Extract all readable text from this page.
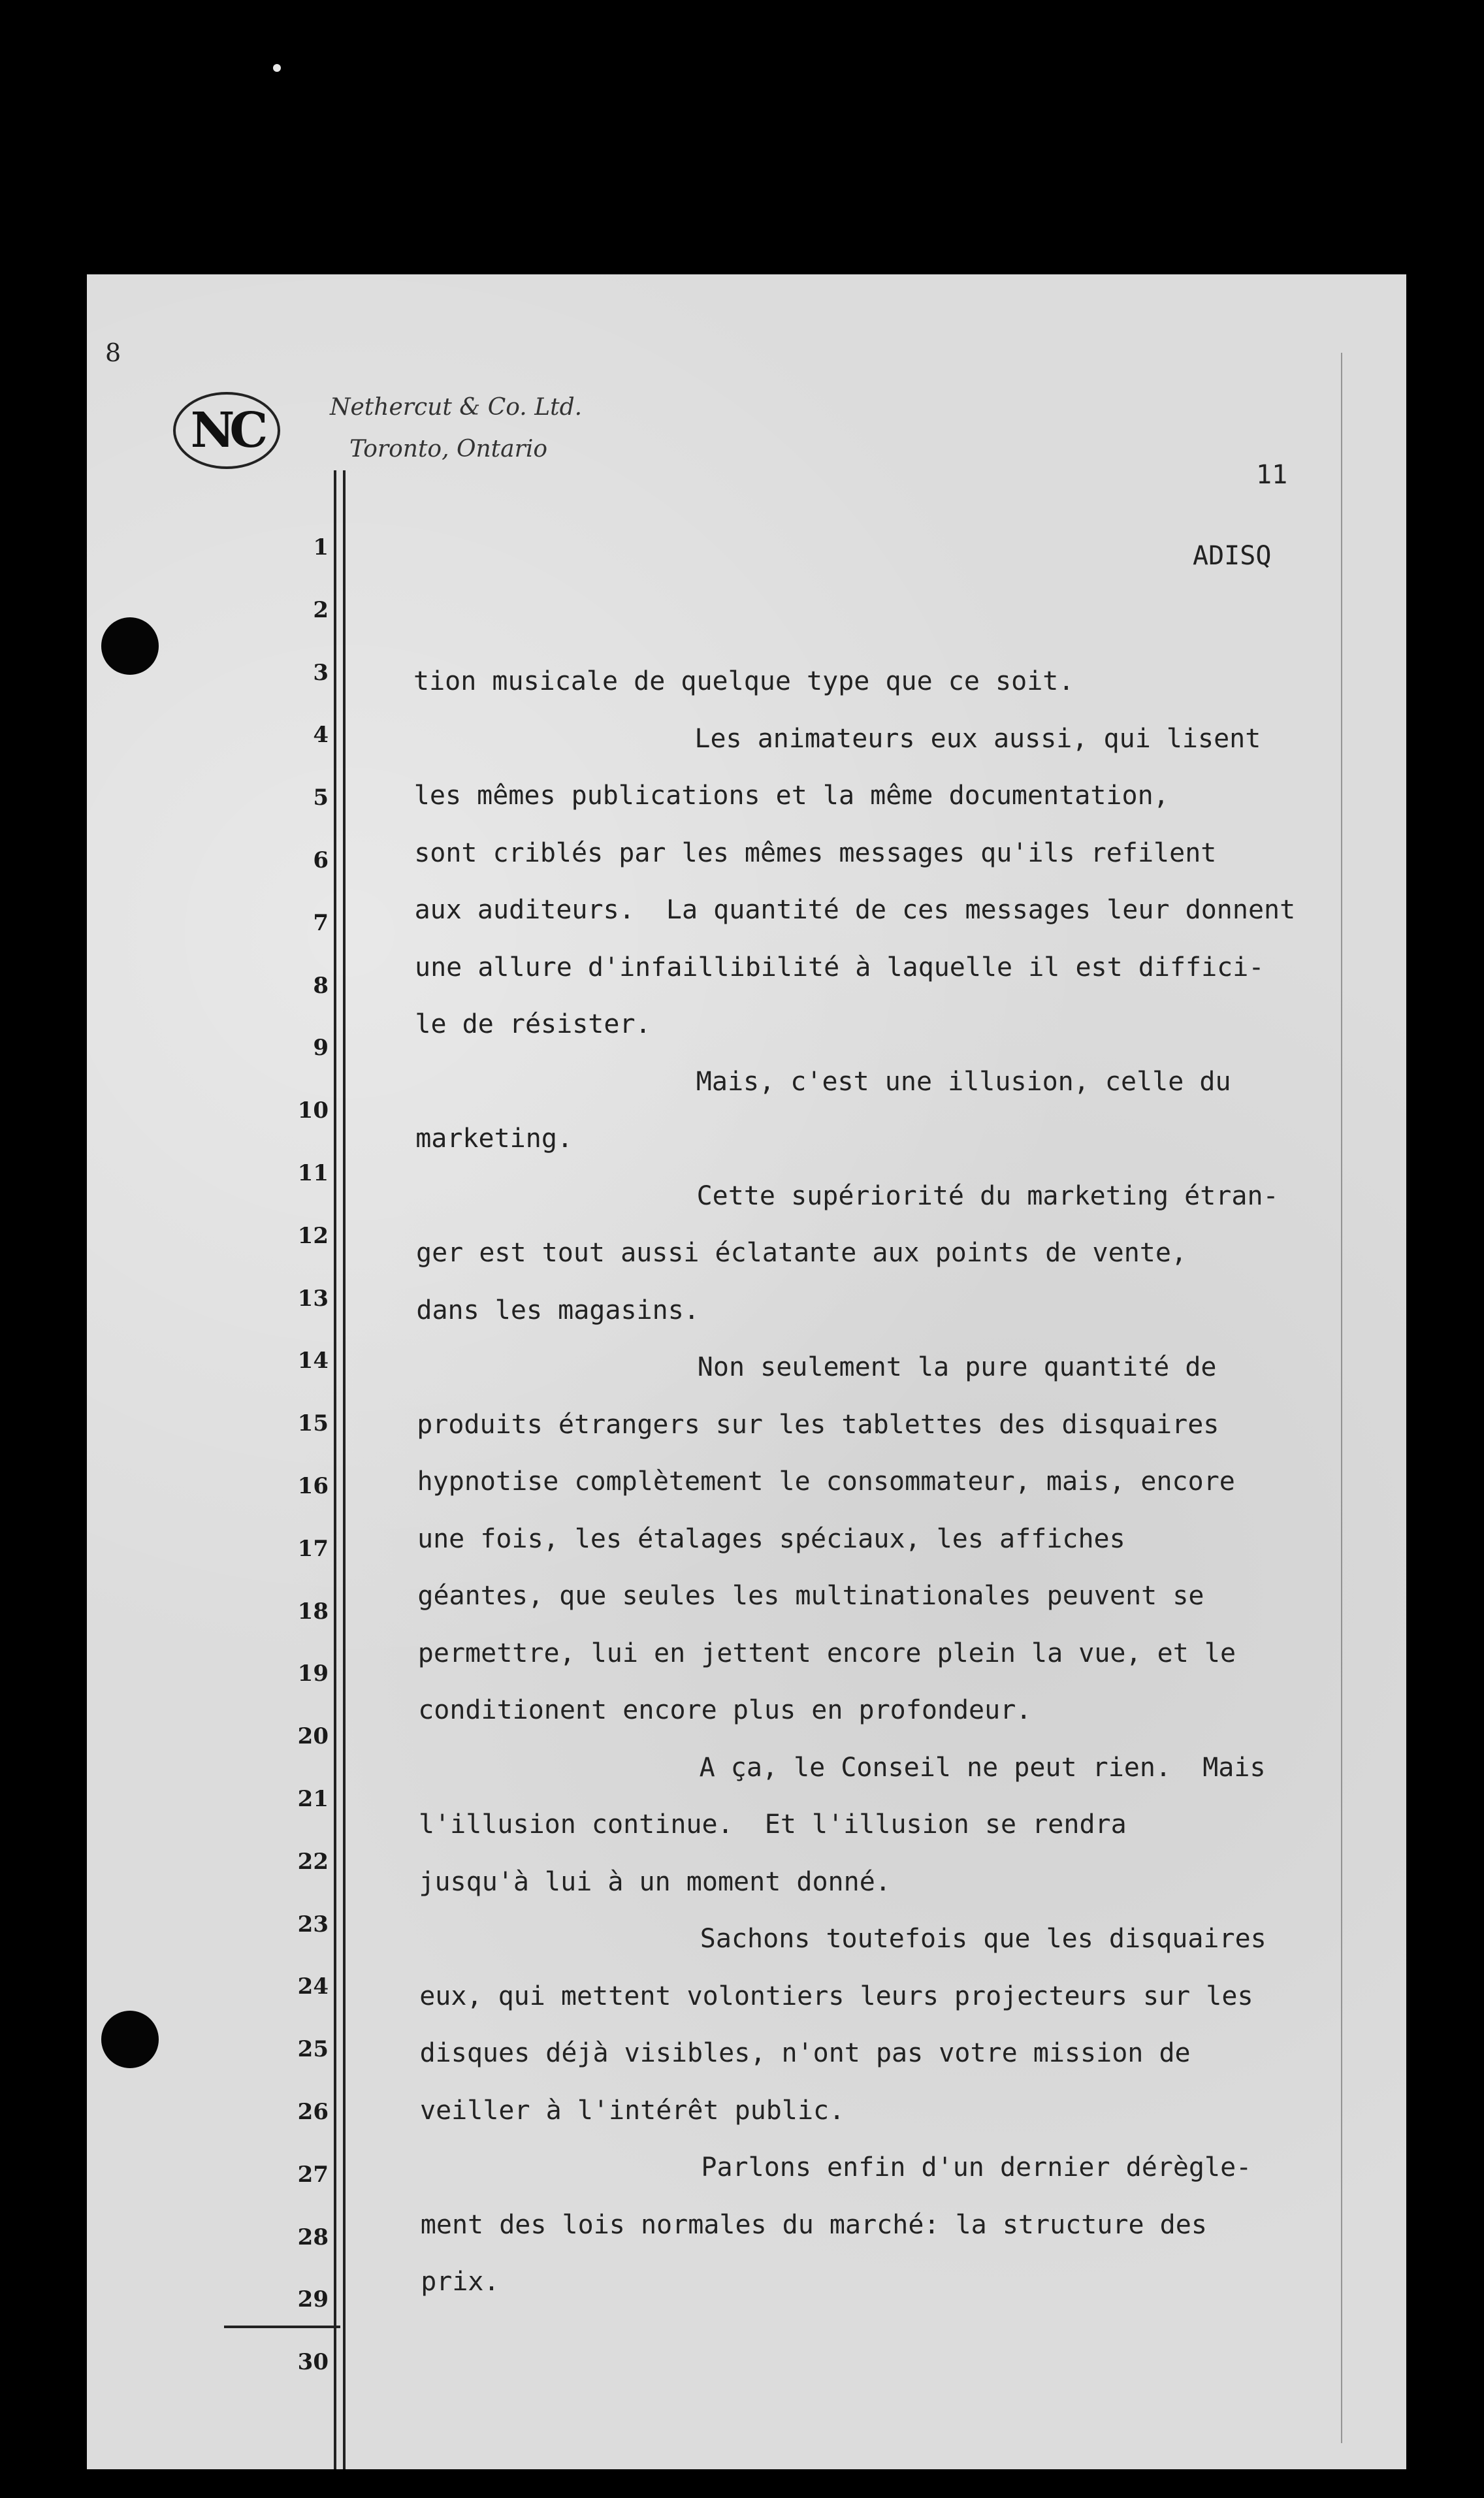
8
NC	Nethercut & Co. Ltd.
Toronto, Ontario
11
ADISQ
1
2
3
4
5
6
7
8
9
10
11
12
13
14
15
16
17
18
19
20
21
22
23
24
25
26
27
28
29
30
tion musicale de quelque type que ce soit.
Les animateurs eux aussi, qui lisent
les mêmes publications et la même documentation,
sont criblés par les mêmes messages qu'ils refilent
aux auditeurs.  La quantité de ces messages leur donnent
une allure d'infaillibilité à laquelle il est diffici-
le de résister.
Mais, c'est une illusion, celle du
marketing.
Cette supériorité du marketing étran-
ger est tout aussi éclatante aux points de vente,
dans les magasins.
Non seulement la pure quantité de
produits étrangers sur les tablettes des disquaires
hypnotise complètement le consommateur, mais, encore
une fois, les étalages spéciaux, les affiches
géantes, que seules les multinationales peuvent se
permettre, lui en jettent encore plein la vue, et le
conditionent encore plus en profondeur.
A ça, le Conseil ne peut rien.  Mais
l'illusion continue.  Et l'illusion se rendra
jusqu'à lui à un moment donné.
Sachons toutefois que les disquaires
eux, qui mettent volontiers leurs projecteurs sur les
disques déjà visibles, n'ont pas votre mission de
veiller à l'intérêt public.
Parlons enfin d'un dernier dérègle-
ment des lois normales du marché: la structure des
prix.
